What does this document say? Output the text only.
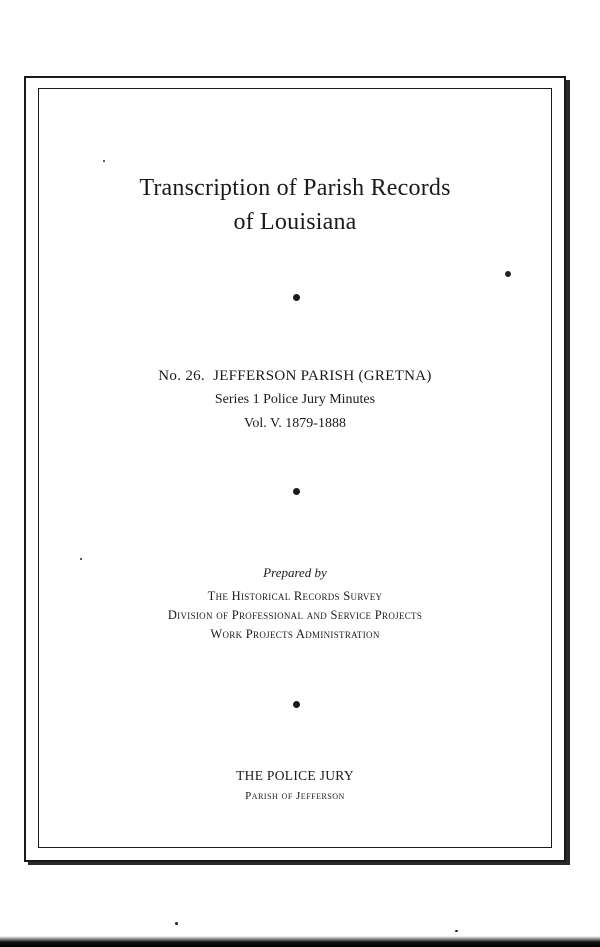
Transcription of Parish Records
of Louisiana
No. 26.  JEFFERSON PARISH (GRETNA)
Series 1 Police Jury Minutes
Vol. V. 1879-1888
Prepared by
The Historical Records Survey
Division of Professional and Service Projects
Work Projects Administration
THE POLICE JURY
Parish of Jefferson
